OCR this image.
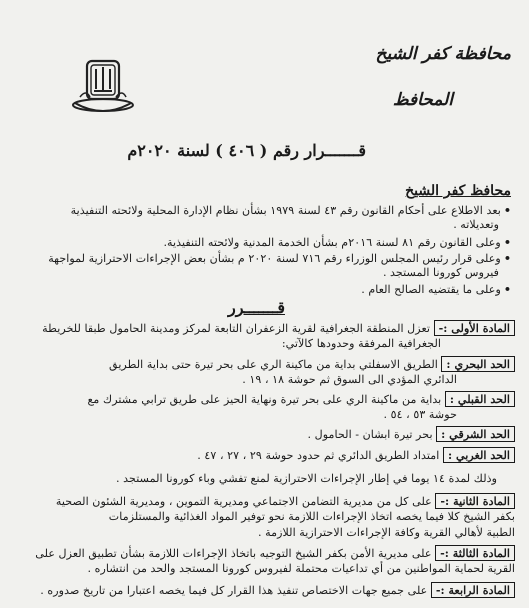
محافظة كفر الشيخ
المحافظ
قـــــــرار رقم ( ٤٠٦ ) لسنة ٢٠٢٠م
محافظ كفر الشيخ
•بعد الاطلاع على أحكام القانون رقم ٤٣ لسنة ١٩٧٩ بشأن نظام الإدارة المحلية ولائحته التنفيذية
وتعديلاته .
•وعلى القانون رقم ٨١ لسنة ٢٠١٦م بشأن الخدمة المدنية ولائحته التنفيذية.
•وعلى قرار رئيس المجلس الوزراء رقم ٧١٦ لسنة ٢٠٢٠ م بشأن بعض الإجراءات الاحترازية لمواجهة
فيروس كورونا المستجد .
•وعلى ما يقتضيه الصالح العام .
قـــــــرر
المادة الأولى :- تعزل المنطقة الجغرافية لقرية الزعفران التابعة لمركز ومدينة الحامول طبقا للخريطة
الجغرافية المرفقة وحدودها كالآتي:
الحد البحري : الطريق الاسفلتي بداية من ماكينة الري على بحر تيرة حتى بداية الطريق
الدائري المؤدي الى السوق ثم حوشة ١٨ ، ١٩ .
الحد القبلي : بداية من ماكينة الري على بحر تيرة ونهاية الحيز على طريق ترابي مشترك مع
حوشة ٥٣ ، ٥٤ .
الحد الشرقي : بحر تيرة ابشان - الحامول .
الحد الغربي : امتداد الطريق الدائري ثم حدود حوشة ٢٩ ، ٢٧ ، ٤٧ .
وذلك لمدة ١٤ يوما في إطار الإجراءات الاحترازية لمنع تفشي وباء كورونا المستجد .
المادة الثانية :- على كل من مديرية التضامن الاجتماعي ومديرية التموين ، ومديرية الشئون الصحية
بكفر الشيخ كلا فيما يخصه اتخاذ الإجراءات اللازمة نحو توفير المواد الغذائية والمستلزمات
الطبية لأهالي القرية وكافة الإجراءات الاحترازية اللازمة .
المادة الثالثة :- على مديرية الأمن بكفر الشيخ التوجيه باتخاذ الإجراءات اللازمة بشأن تطبيق العزل على
القرية لحماية المواطنين من أي تداعيات محتملة لفيروس كورونا المستجد والحد من انتشاره .
المادة الرابعة :- على جميع جهات الاختصاص تنفيذ هذا القرار كل فيما يخصه اعتبارا من تاريخ صدوره .
